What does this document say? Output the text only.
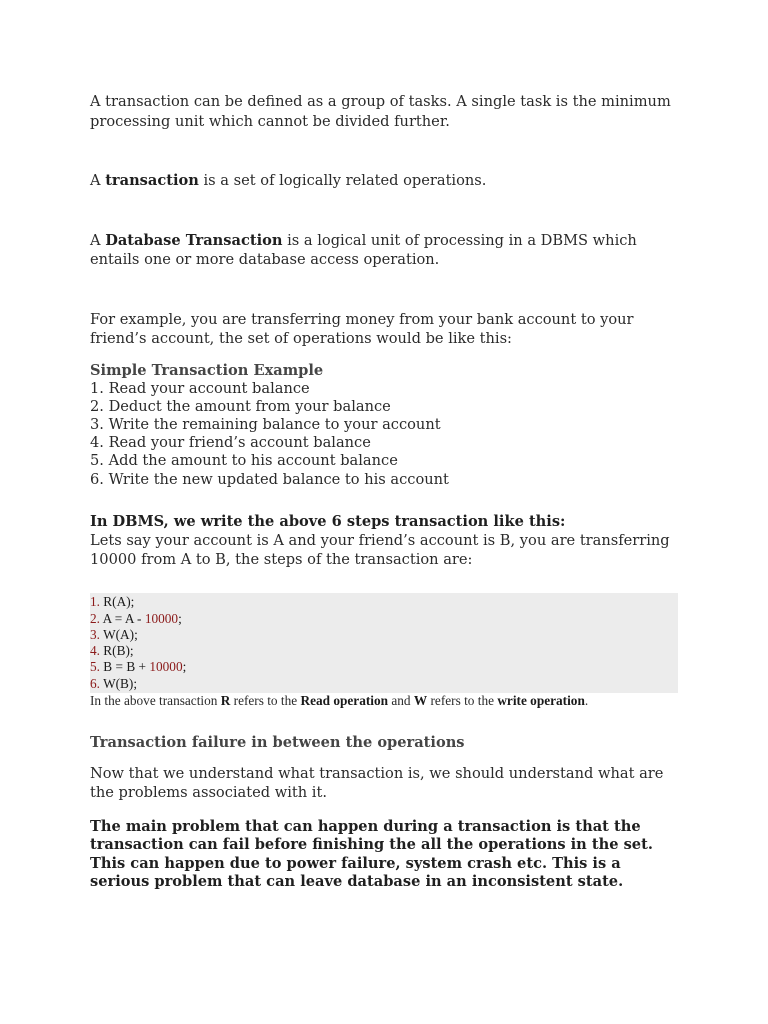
A transaction can be defined as a group of tasks. A single task is the minimum processing unit which cannot be divided further.

A transaction is a set of logically related operations.

A Database Transaction is a logical unit of processing in a DBMS which entails one or more database access operation.

For example, you are transferring money from your bank account to your friend’s account, the set of operations would be like this:

Simple Transaction Example
1. Read your account balance
2. Deduct the amount from your balance
3. Write the remaining balance to your account
4. Read your friend’s account balance
5. Add the amount to his account balance
6. Write the new updated balance to his account

In DBMS, we write the above 6 steps transaction like this:

Lets say your account is A and your friend’s account is B, you are transferring 10000 from A to B, the steps of the transaction are:

1. R(A);
2. A = A - 10000;
3. W(A);
4. R(B);
5. B = B + 10000;
6. W(B);

In the above transaction R refers to the Read operation and W refers to the write operation.

Transaction failure in between the operations

Now that we understand what transaction is, we should understand what are the problems associated with it.

The main problem that can happen during a transaction is that the transaction can fail before finishing the all the operations in the set. This can happen due to power failure, system crash etc. This is a serious problem that can leave database in an inconsistent state.
